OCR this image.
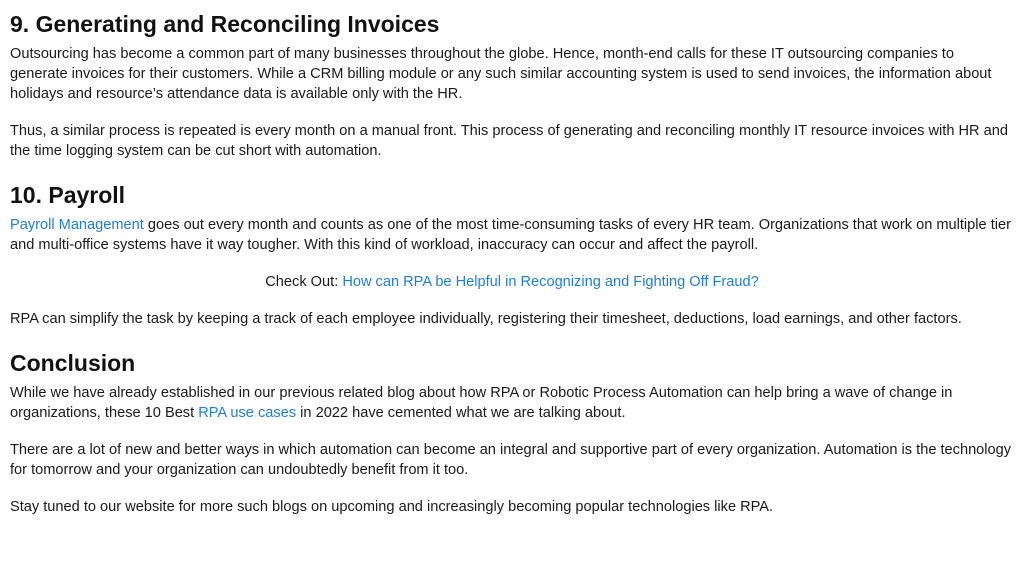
9. Generating and Reconciling Invoices

Outsourcing has become a common part of many businesses throughout the globe. Hence, month-end calls for these IT outsourcing companies to generate invoices for their customers. While a CRM billing module or any such similar accounting system is used to send invoices, the information about holidays and resource’s attendance data is available only with the HR.

Thus, a similar process is repeated is every month on a manual front. This process of generating and reconciling monthly IT resource invoices with HR and the time logging system can be cut short with automation.

10. Payroll

Payroll Management goes out every month and counts as one of the most time-consuming tasks of every HR team. Organizations that work on multiple tier and multi-office systems have it way tougher. With this kind of workload, inaccuracy can occur and affect the payroll.

Check Out: How can RPA be Helpful in Recognizing and Fighting Off Fraud?

RPA can simplify the task by keeping a track of each employee individually, registering their timesheet, deductions, load earnings, and other factors.

Conclusion

While we have already established in our previous related blog about how RPA or Robotic Process Automation can help bring a wave of change in organizations, these 10 Best RPA use cases in 2022 have cemented what we are talking about.

There are a lot of new and better ways in which automation can become an integral and supportive part of every organization. Automation is the technology for tomorrow and your organization can undoubtedly benefit from it too.

Stay tuned to our website for more such blogs on upcoming and increasingly becoming popular technologies like RPA.
